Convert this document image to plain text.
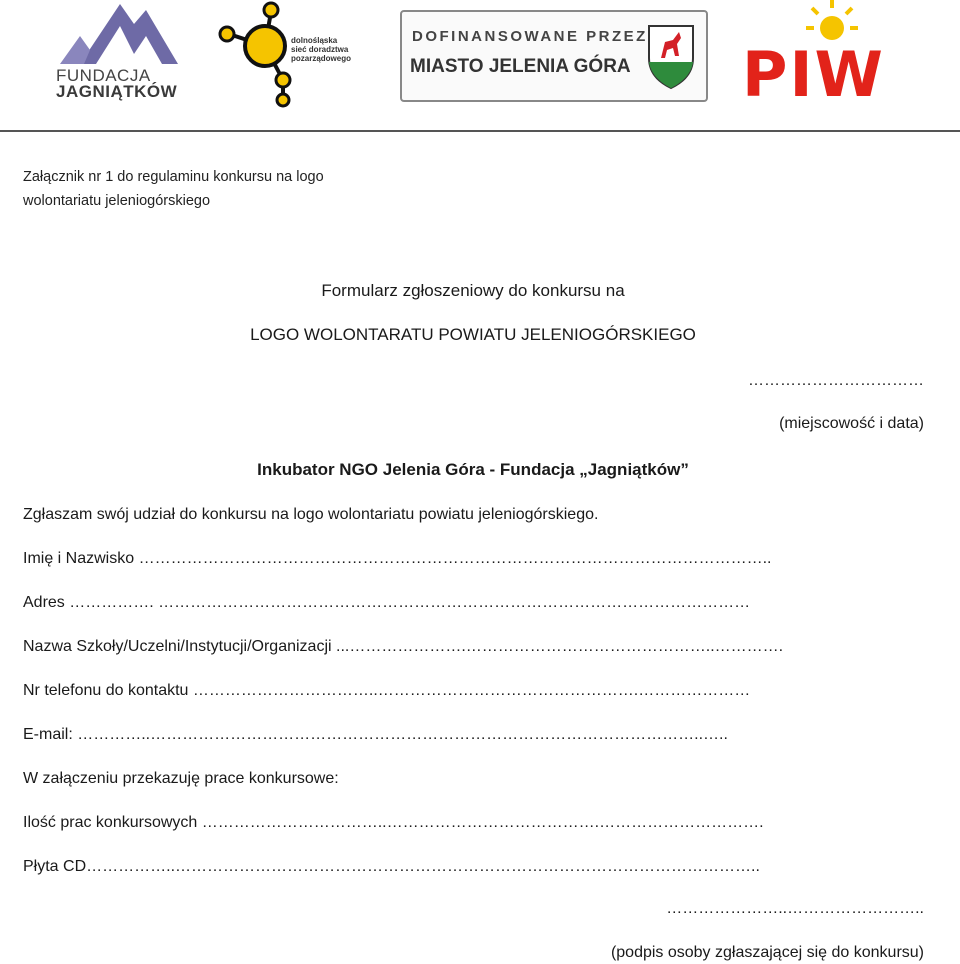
FUNDACJA
JAGNIĄTKÓW
dolnośląska
sieć doradztwa
pozarządowego
DOFINANSOWANE PRZEZ
MIASTO JELENIA GÓRA PIW
Załącznik nr 1 do regulaminu konkursu na logo
wolontariatu jeleniogórskiego
Formularz zgłoszeniowy do konkursu na
LOGO WOLONTARATU POWIATU JELENIOGÓRSKIEGO
……………………………
(miejscowość i data)
Inkubator NGO Jelenia Góra - Fundacja „Jagniątków”
Zgłaszam swój udział do konkursu na logo wolontariatu powiatu jeleniogórskiego.
Imię i Nazwisko ………………………………………………………………………………………………………..
Adres ……………. …………………………………………………………………………………………………
Nazwa Szkoły/Uczelni/Instytucji/Organizacji ...………………….………………………………………..………….
Nr telefonu do kontaktu ……………………………..………………………………………….…………………
E-mail: …………..…………………………………………………………………………………………..…..
W załączeniu przekazuję prace konkursowe:
Ilość prac konkursowych ……………………………..………………………………….………………………….
Płyta CD……………..………………………………………………………………………………………………..
…………………..……………………..
(podpis osoby zgłaszającej się do konkursu)
